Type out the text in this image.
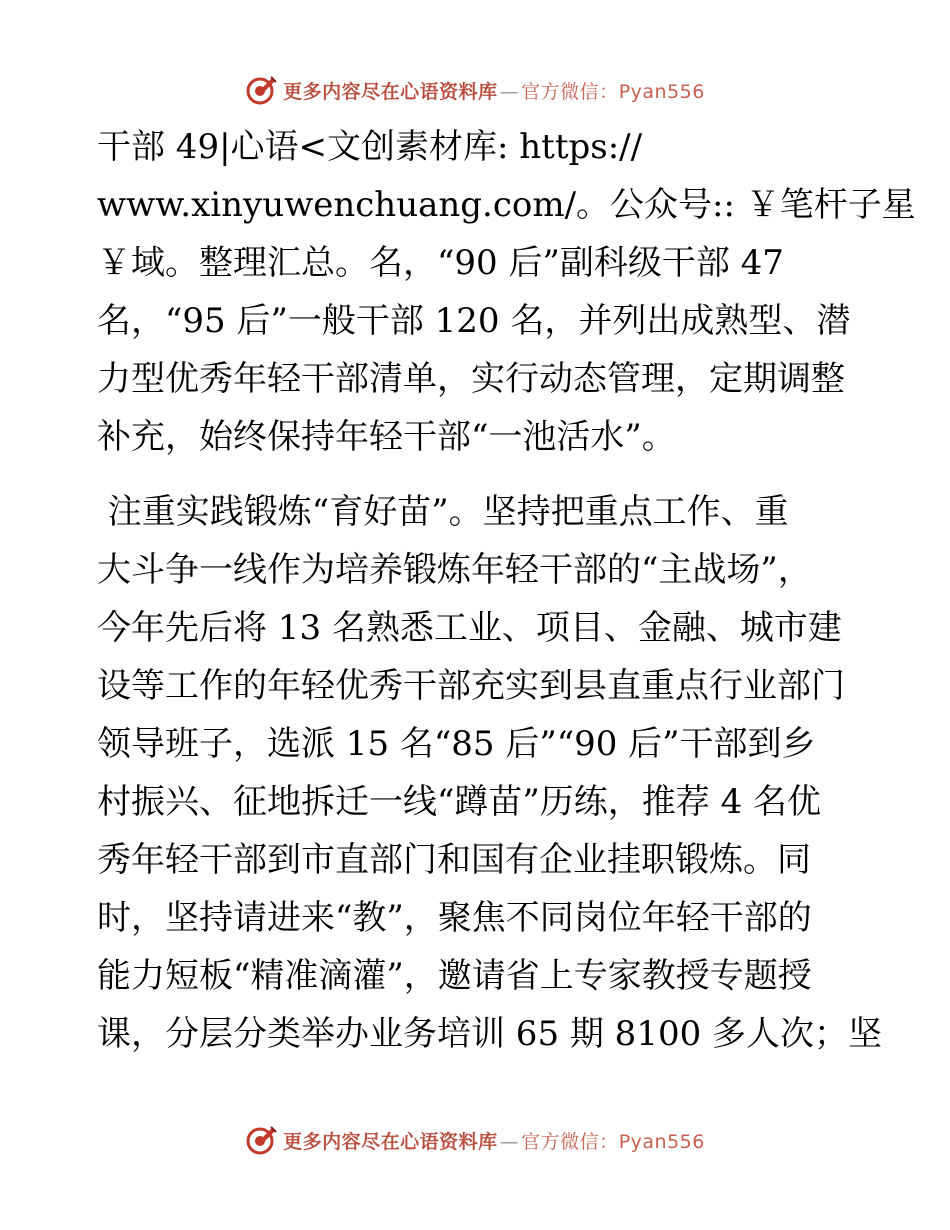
更多内容尽在心语资料库 — 官方微信：Pyan556
干部 49|心语<文创素材库: https://
www.xinyuwenchuang.com/。公众号:: ￥笔杆子星
￥域。整理汇总。名，“90 后”副科级干部 47
名，“95 后”一般干部 120 名，并列出成熟型、潜
力型优秀年轻干部清单，实行动态管理，定期调整
补充，始终保持年轻干部“一池活水”。
注重实践锻炼“育好苗”。坚持把重点工作、重
大斗争一线作为培养锻炼年轻干部的“主战场”，
今年先后将 13 名熟悉工业、项目、金融、城市建
设等工作的年轻优秀干部充实到县直重点行业部门
领导班子，选派 15 名“85 后”“90 后”干部到乡
村振兴、征地拆迁一线“蹲苗”历练，推荐 4 名优
秀年轻干部到市直部门和国有企业挂职锻炼。同
时，坚持请进来“教”，聚焦不同岗位年轻干部的
能力短板“精准滴灌”，邀请省上专家教授专题授
课，分层分类举办业务培训 65 期 8100 多人次；坚
更多内容尽在心语资料库 — 官方微信：Pyan556
